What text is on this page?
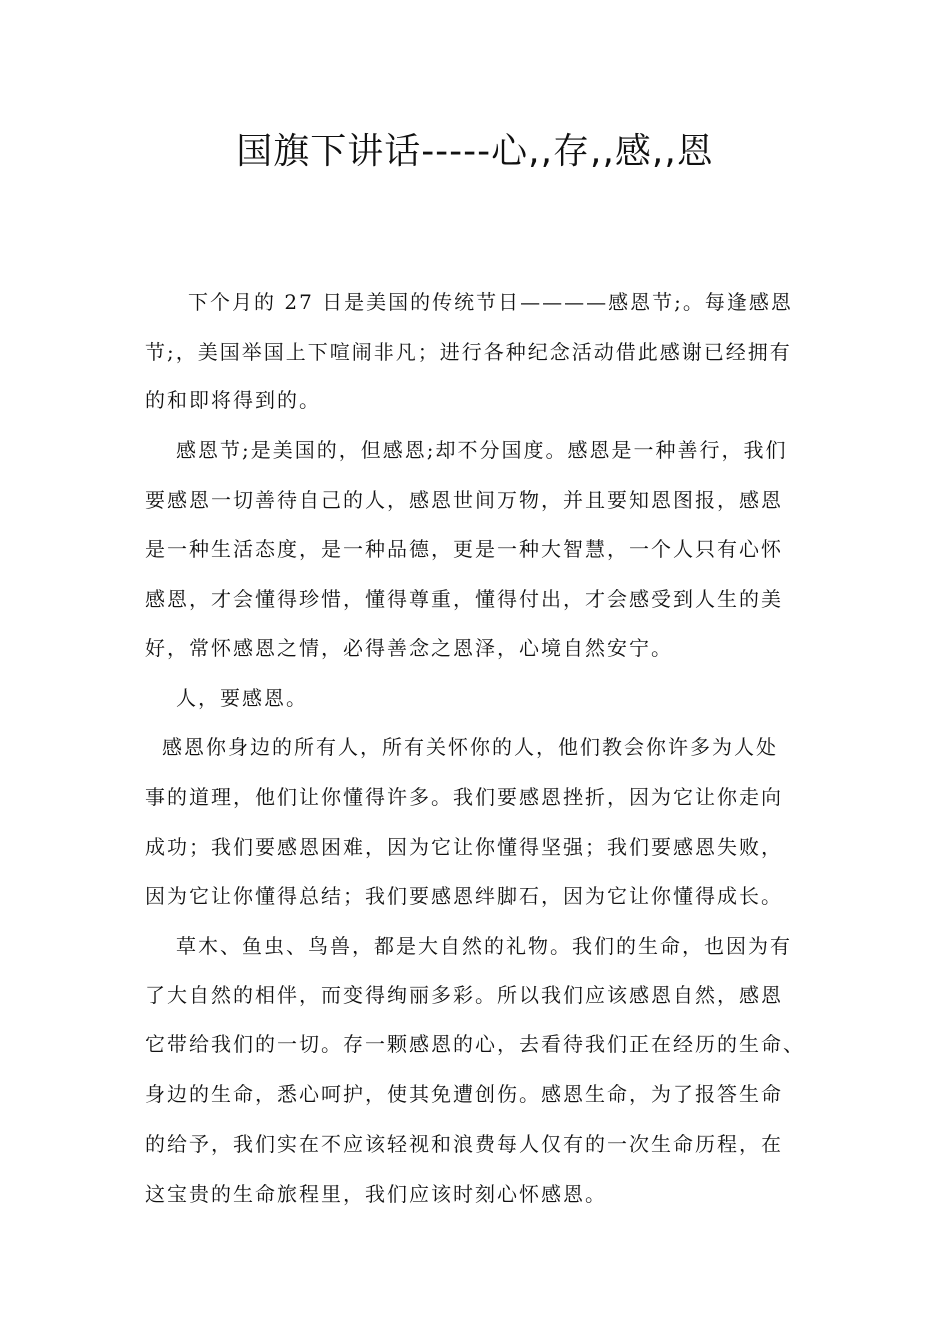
国旗下讲话-----心,,存,,感,,恩
下个月的 27 日是美国的传统节日————感恩节;。每逢感恩
节;，美国举国上下喧闹非凡；进行各种纪念活动借此感谢已经拥有
的和即将得到的。
感恩节;是美国的，但感恩;却不分国度。感恩是一种善行，我们
要感恩一切善待自己的人，感恩世间万物，并且要知恩图报，感恩
是一种生活态度，是一种品德，更是一种大智慧，一个人只有心怀
感恩，才会懂得珍惜，懂得尊重，懂得付出，才会感受到人生的美
好，常怀感恩之情，必得善念之恩泽，心境自然安宁。
人，要感恩。
感恩你身边的所有人，所有关怀你的人，他们教会你许多为人处
事的道理，他们让你懂得许多。我们要感恩挫折，因为它让你走向
成功；我们要感恩困难，因为它让你懂得坚强；我们要感恩失败，
因为它让你懂得总结；我们要感恩绊脚石，因为它让你懂得成长。
草木、鱼虫、鸟兽，都是大自然的礼物。我们的生命，也因为有
了大自然的相伴，而变得绚丽多彩。所以我们应该感恩自然，感恩
它带给我们的一切。存一颗感恩的心，去看待我们正在经历的生命、
身边的生命，悉心呵护，使其免遭创伤。感恩生命，为了报答生命
的给予，我们实在不应该轻视和浪费每人仅有的一次生命历程，在
这宝贵的生命旅程里，我们应该时刻心怀感恩。
